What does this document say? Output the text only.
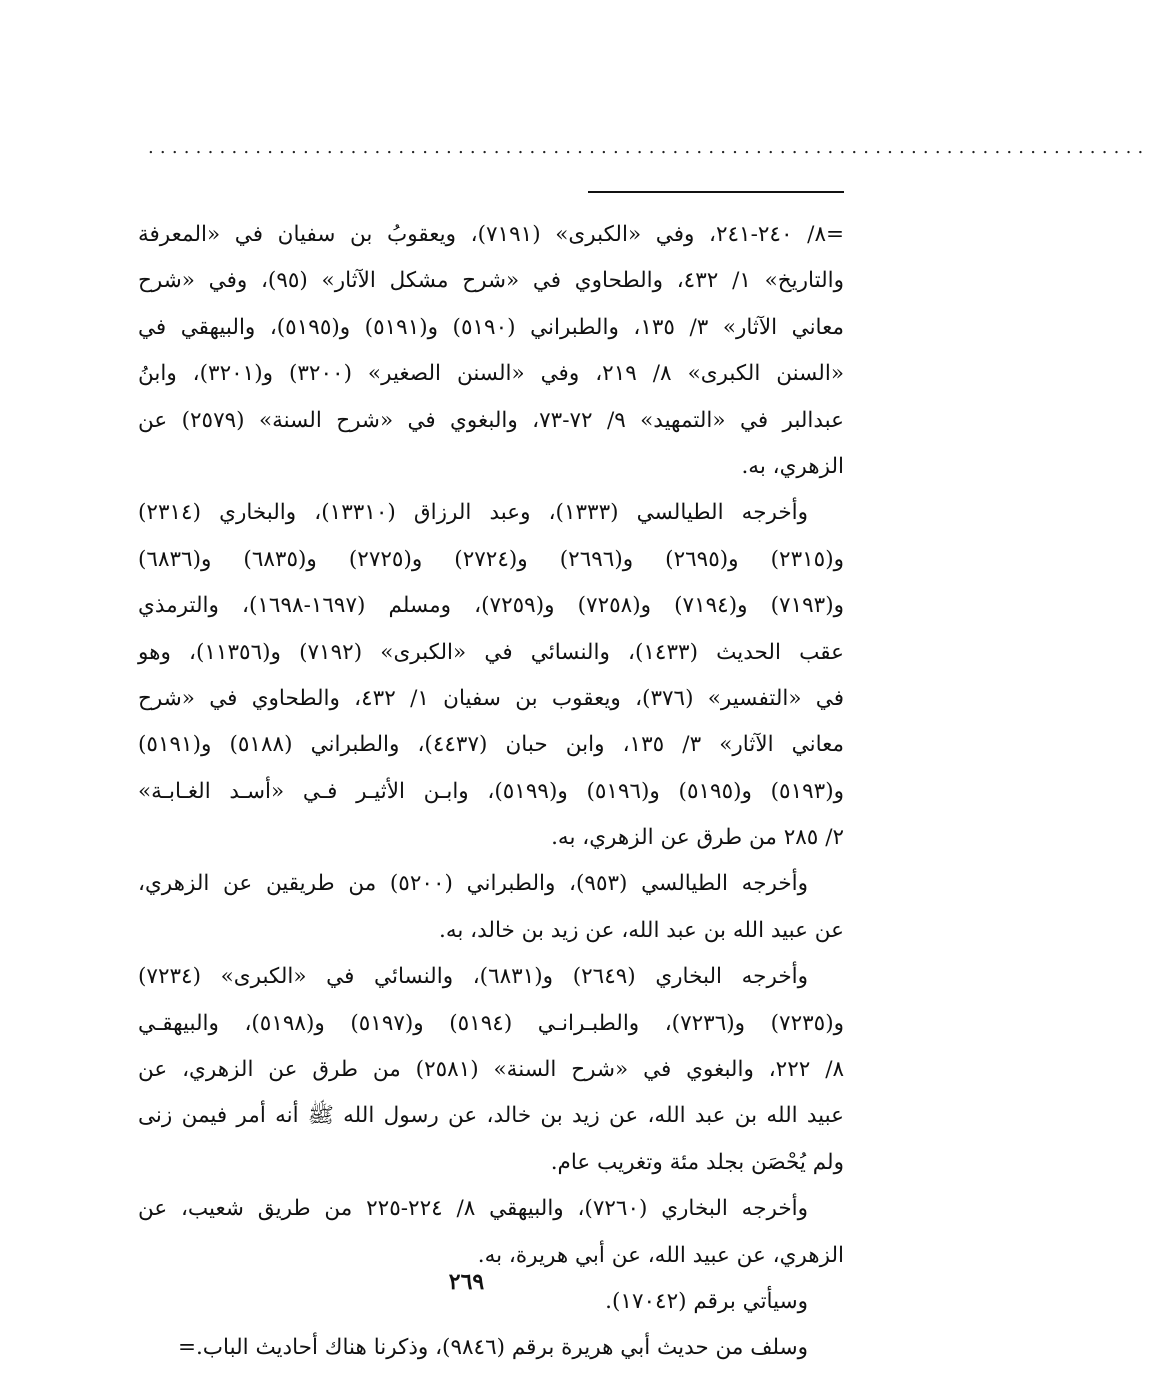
....................................................................................
=٨/ ٢٤٠-٢٤١، وفي «الكبرى» (٧١٩١)، ويعقوبُ بن سفيان في «المعرفة
والتاريخ» ١/ ٤٣٢، والطحاوي في «شرح مشكل الآثار» (٩٥)، وفي «شرح
معاني الآثار» ٣/ ١٣٥، والطبراني (٥١٩٠) و(٥١٩١) و(٥١٩٥)، والبيهقي في
«السنن الكبرى» ٨/ ٢١٩، وفي «السنن الصغير» (٣٢٠٠) و(٣٢٠١)، وابنُ
عبدالبر في «التمهيد» ٩/ ٧٢-٧٣، والبغوي في «شرح السنة» (٢٥٧٩) عن
الزهري، به.
وأخرجه الطيالسي (١٣٣٣)، وعبد الرزاق (١٣٣١٠)، والبخاري (٢٣١٤)
و(٢٣١٥) و(٢٦٩٥) و(٢٦٩٦) و(٢٧٢٤) و(٢٧٢٥) و(٦٨٣٥) و(٦٨٣٦)
و(٧١٩٣) و(٧١٩٤) و(٧٢٥٨) و(٧٢٥٩)، ومسلم (١٦٩٧-١٦٩٨)، والترمذي
عقب الحديث (١٤٣٣)، والنسائي في «الكبرى» (٧١٩٢) و(١١٣٥٦)، وهو
في «التفسير» (٣٧٦)، ويعقوب بن سفيان ١/ ٤٣٢، والطحاوي في «شرح
معاني الآثار» ٣/ ١٣٥، وابن حبان (٤٤٣٧)، والطبراني (٥١٨٨) و(٥١٩١)
و(٥١٩٣) و(٥١٩٥) و(٥١٩٦) و(٥١٩٩)، وابـن الأثيـر فـي «أسـد الغـابـة»
٢/ ٢٨٥ من طرق عن الزهري، به.
وأخرجه الطيالسي (٩٥٣)، والطبراني (٥٢٠٠) من طريقين عن الزهري،
عن عبيد الله بن عبد الله، عن زيد بن خالد، به.
وأخرجه البخاري (٢٦٤٩) و(٦٨٣١)، والنسائي في «الكبرى» (٧٢٣٤)
و(٧٢٣٥) و(٧٢٣٦)، والطبـرانـي (٥١٩٤) و(٥١٩٧) و(٥١٩٨)، والبيهقـي
٨/ ٢٢٢، والبغوي في «شرح السنة» (٢٥٨١) من طرق عن الزهري، عن
عبيد الله بن عبد الله، عن زيد بن خالد، عن رسول الله ﷺ أنه أمر فيمن زنى
ولم يُحْصَن بجلد مئة وتغريب عام.
وأخرجه البخاري (٧٢٦٠)، والبيهقي ٨/ ٢٢٤-٢٢٥ من طريق شعيب، عن
الزهري، عن عبيد الله، عن أبي هريرة، به.
وسيأتي برقم (١٧٠٤٢).
وسلف من حديث أبي هريرة برقم (٩٨٤٦)، وذكرنا هناك أحاديث الباب.=
٢٦٩
